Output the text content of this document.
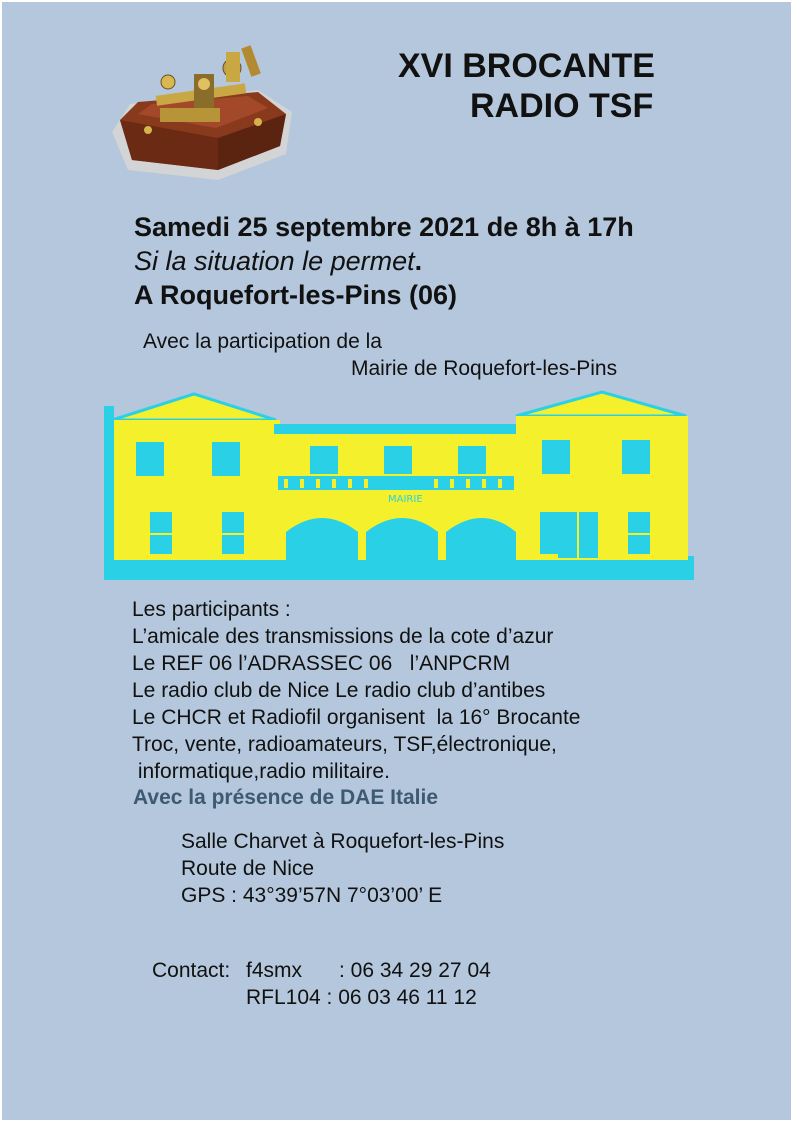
XVI BROCANTE
RADIO TSF
Samedi 25 septembre 2021 de 8h à 17h
Si la situation le permet.
A Roquefort-les-Pins (06)
Avec la participation de la
Mairie de Roquefort-les-Pins
MAIRIE
Les participants :
L’amicale des transmissions de la cote d’azur
Le REF 06 l’ADRASSEC 06   l’ANPCRM
Le radio club de Nice Le radio club d’antibes
Le CHCR et Radiofil organisent  la 16° Brocante
Troc, vente, radioamateurs, TSF,électronique,
informatique,radio militaire.
Avec la présence de DAE Italie
Salle Charvet à Roquefort-les-Pins
Route de Nice
GPS : 43°39’57N 7°03’00’ E
Contact: f4smx : 06 34 29 27 04
RFL104 : 06 03 46 11 12
